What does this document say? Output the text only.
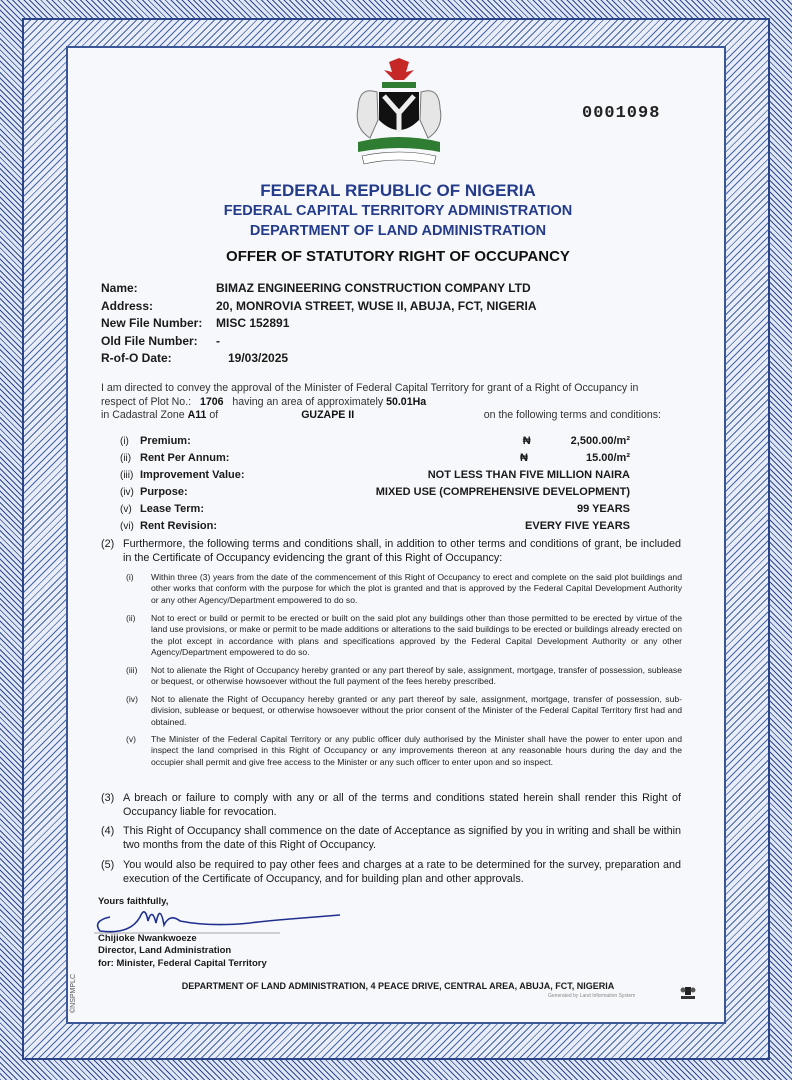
0001098
FEDERAL REPUBLIC OF NIGERIA
FEDERAL CAPITAL TERRITORY ADMINISTRATION
DEPARTMENT OF LAND ADMINISTRATION
OFFER OF STATUTORY RIGHT OF OCCUPANCY
Name:	BIMAZ ENGINEERING CONSTRUCTION COMPANY LTD
Address:	20, MONROVIA STREET, WUSE II, ABUJA, FCT, NIGERIA
New File Number:	MISC 152891
Old File Number:	-
R-of-O Date:	19/03/2025
I am directed to convey the approval of the Minister of Federal Capital Territory for grant of a Right of Occupancy in respect of Plot No.: 1706 having an area of approximately 50.01Ha
in Cadastral Zone A11 of	GUZAPE II	on the following terms and conditions:
(i) Premium:	₦	2,500.00/m²
(ii) Rent Per Annum:	₦	15.00/m²
(iii) Improvement Value:	NOT LESS THAN FIVE MILLION NAIRA
(iv) Purpose:	MIXED USE (COMPREHENSIVE DEVELOPMENT)
(v) Lease Term:	99 YEARS
(vi) Rent Revision:	EVERY FIVE YEARS
(2) Furthermore, the following terms and conditions shall, in addition to other terms and conditions of grant, be included in the Certificate of Occupancy evidencing the grant of this Right of Occupancy:
(i)	Within three (3) years from the date of the commencement of this Right of Occupancy to erect and complete on the said plot buildings and other works that conform with the purpose for which the plot is granted and that is approved by the Federal Capital Development Authority or any other Agency/Department empowered to do so.
(ii)	Not to erect or build or permit to be erected or built on the said plot any buildings other than those permitted to be erected by virtue of the land use provisions, or make or permit to be made additions or alterations to the said buildings to be erected or buildings already erected on the plot except in accordance with plans and specifications approved by the Federal Capital Development Authority or any other Agency/Department empowered to do so.
(iii)	Not to alienate the Right of Occupancy hereby granted or any part thereof by sale, assignment, mortgage, transfer of possession, sublease or bequest, or otherwise howsoever without the full payment of the fees hereby prescribed.
(iv)	Not to alienate the Right of Occupancy hereby granted or any part thereof by sale, assignment, mortgage, transfer of possession, sub-division, sublease or bequest, or otherwise howsoever without the prior consent of the Minister of the Federal Capital Territory first had and obtained.
(v)	The Minister of the Federal Capital Territory or any public officer duly authorised by the Minister shall have the power to enter upon and inspect the land comprised in this Right of Occupancy or any improvements thereon at any reasonable hours during the day and the occupier shall permit and give free access to the Minister or any such officer to enter upon and so inspect.
(3) A breach or failure to comply with any or all of the terms and conditions stated herein shall render this Right of Occupancy liable for revocation.
(4) This Right of Occupancy shall commence on the date of Acceptance as signified by you in writing and shall be within two months from the date of this Right of Occupancy.
(5) You would also be required to pay other fees and charges at a rate to be determined for the survey, preparation and execution of the Certificate of Occupancy, and for building plan and other approvals.
Yours faithfully,
Chijioke Nwankwoeze
Director, Land Administration
for: Minister, Federal Capital Territory
DEPARTMENT OF LAND ADMINISTRATION, 4 PEACE DRIVE, CENTRAL AREA, ABUJA, FCT, NIGERIA
Generated by Land Information System
©NSPMPLC
